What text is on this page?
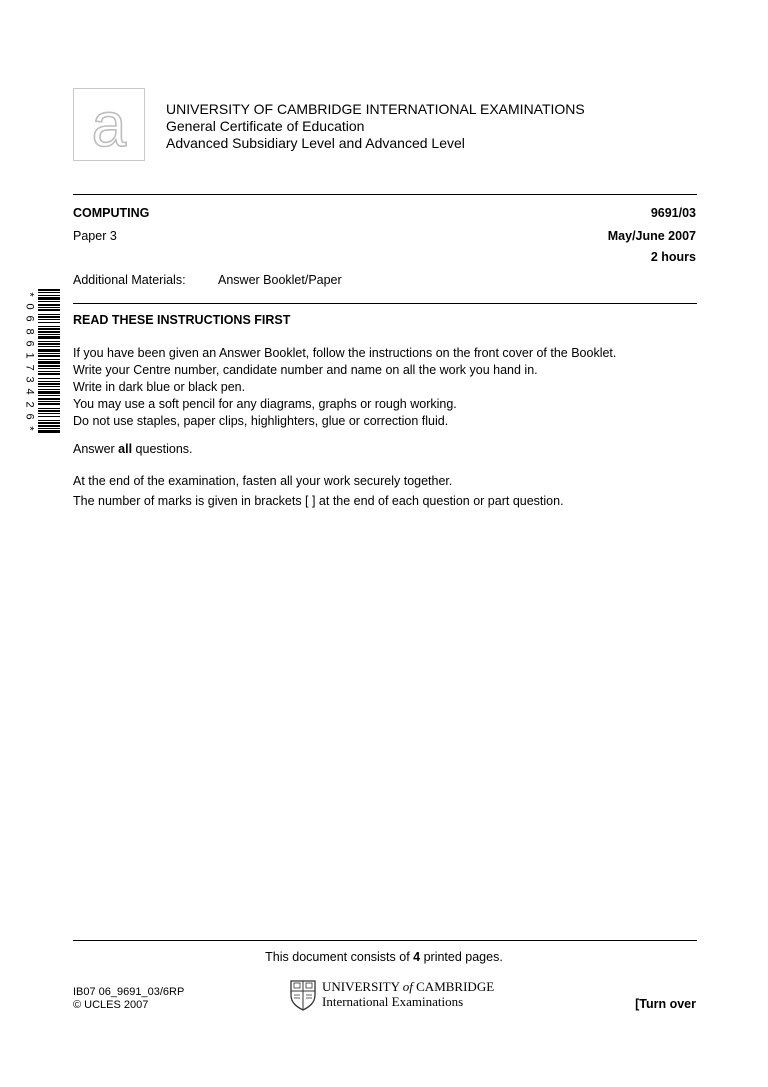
a	UNIVERSITY OF CAMBRIDGE INTERNATIONAL EXAMINATIONS
General Certificate of Education
Advanced Subsidiary Level and Advanced Level
COMPUTING	9691/03
Paper 3	May/June 2007
2 hours
Additional Materials:	Answer Booklet/Paper
*
0
6
8
6
1
7
3
4
2
6
*
READ THESE INSTRUCTIONS FIRST
If you have been given an Answer Booklet, follow the instructions on the front cover of the Booklet.
Write your Centre number, candidate number and name on all the work you hand in.
Write in dark blue or black pen.
You may use a soft pencil for any diagrams, graphs or rough working.
Do not use staples, paper clips, highlighters, glue or correction fluid.
Answer all questions.
At the end of the examination, fasten all your work securely together.
The number of marks is given in brackets [ ] at the end of each question or part question.
This document consists of 4 printed pages.
IB07 06_9691_03/6RP
© UCLES 2007
UNIVERSITY of CAMBRIDGE
International Examinations	[Turn over
